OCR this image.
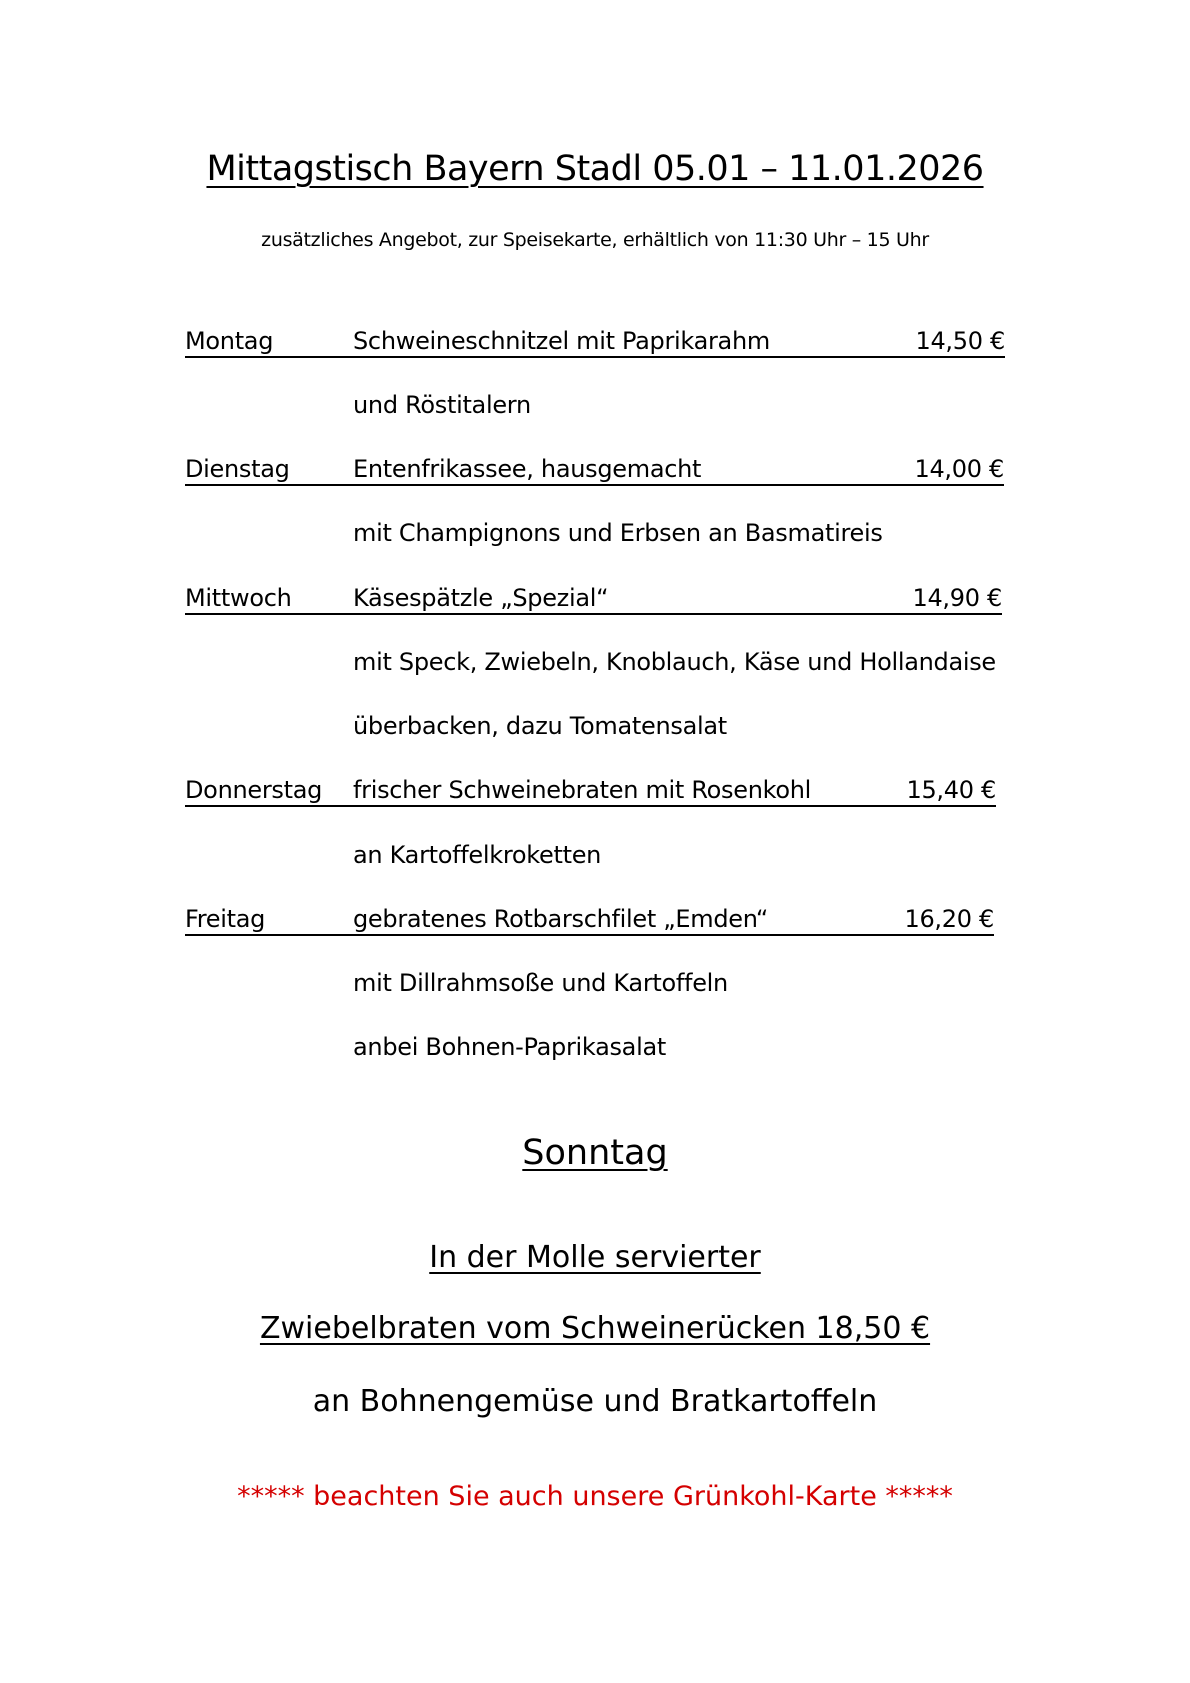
Mittagstisch Bayern Stadl 05.01 – 11.01.2026
zusätzliches Angebot, zur Speisekarte, erhältlich von 11:30 Uhr – 15 Uhr
Montag	Schweineschnitzel mit Paprikarahm	14,50 €
und Röstitalern
Dienstag	Entenfrikassee, hausgemacht	14,00 €
mit Champignons und Erbsen an Basmatireis
Mittwoch	Käsespätzle „Spezial“	14,90 €
mit Speck, Zwiebeln, Knoblauch, Käse und Hollandaise
überbacken, dazu Tomatensalat
Donnerstag frischer Schweinebraten mit Rosenkohl	15,40 €
an Kartoffelkroketten
Freitag	gebratenes Rotbarschfilet „Emden“	16,20 €
mit Dillrahmsoße und Kartoffeln
anbei Bohnen-Paprikasalat
Sonntag
In der Molle servierter
Zwiebelbraten vom Schweinerücken 18,50 €
an Bohnengemüse und Bratkartoffeln
***** beachten Sie auch unsere Grünkohl-Karte *****
